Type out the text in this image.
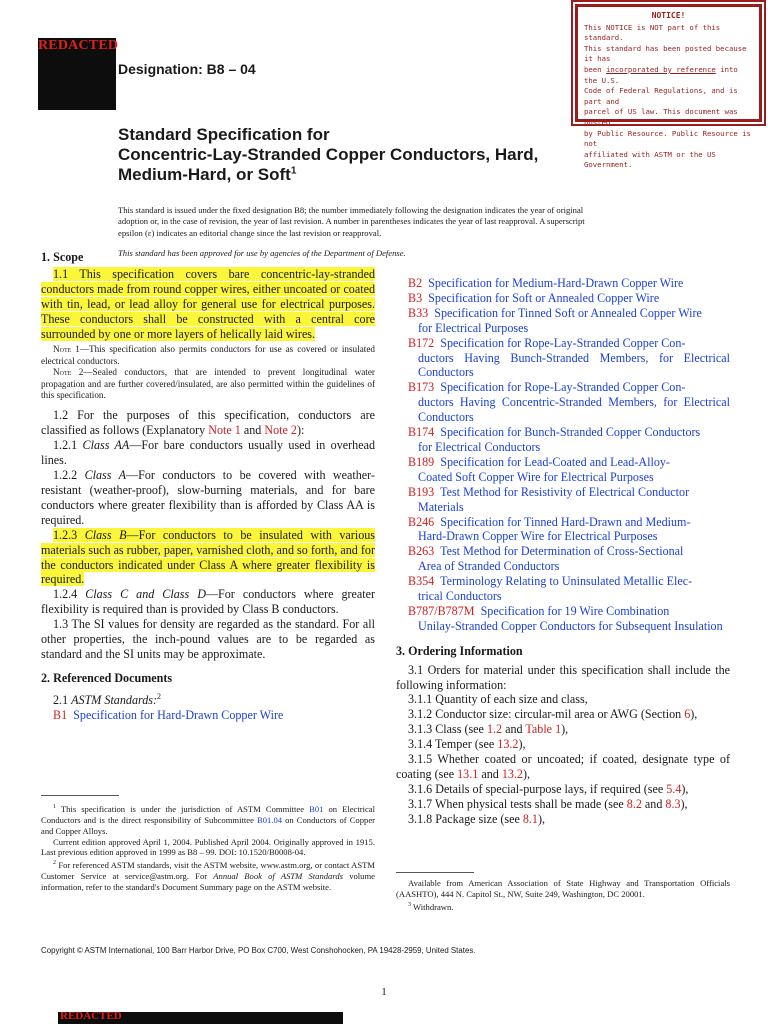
REDACTED
Designation: B8 – 04
NOTICE!
This NOTICE is NOT part of this standard.
This standard has been posted because it has
been incorporated by reference into the U.S.
Code of Federal Regulations, and is part and
parcel of US law. This document was posted
by Public Resource. Public Resource is not
affiliated with ASTM or the US Government.
Standard Specification for
Concentric-Lay-Stranded Copper Conductors, Hard,
Medium-Hard, or Soft$^1$
This standard is issued under the fixed designation B8; the number immediately following the designation indicates the year of original
adoption or, in the case of revision, the year of last revision. A number in parentheses indicates the year of last reapproval. A superscript
epsilon (ε) indicates an editorial change since the last revision or reapproval.
This standard has been approved for use by agencies of the Department of Defense.

1. Scope

1.1 This specification covers bare concentric-lay-stranded conductors made from round copper wires, either uncoated or coated with tin, lead, or lead alloy for general use for electrical purposes. These conductors shall be constructed with a central core surrounded by one or more layers of helically laid wires.

Note 1—This specification also permits conductors for use as covered or insulated electrical conductors.

Note 2—Sealed conductors, that are intended to prevent longitudinal water propagation and are further covered/insulated, are also permitted within the guidelines of this specification.

1.2 For the purposes of this specification, conductors are classified as follows (Explanatory Note 1 and Note 2):

1.2.1 Class AA—For bare conductors usually used in overhead lines.

1.2.2 Class A—For conductors to be covered with weather-resistant (weather-proof), slow-burning materials, and for bare conductors where greater flexibility than is afforded by Class AA is required.

1.2.3 Class B—For conductors to be insulated with various materials such as rubber, paper, varnished cloth, and so forth, and for the conductors indicated under Class A where greater flexibility is required.

1.2.4 Class C and Class D—For conductors where greater flexibility is required than is provided by Class B conductors.

1.3 The SI values for density are regarded as the standard. For all other properties, the inch-pound values are to be regarded as standard and the SI units may be approximate.

2. Referenced Documents

2.1 ASTM Standards:$^2$

B1 Specification for Hard-Drawn Copper Wire

$^1$ This specification is under the jurisdiction of ASTM Committee B01 on Electrical Conductors and is the direct responsibility of Subcommittee B01.04 on Conductors of Copper and Copper Alloys.
Current edition approved April 1, 2004. Published April 2004. Originally approved in 1915. Last previous edition approved in 1999 as B8 – 99. DOI: 10.1520/B0008-04.
$^2$ For referenced ASTM standards, visit the ASTM website, www.astm.org, or contact ASTM Customer Service at service@astm.org. For Annual Book of ASTM Standards volume information, refer to the standard's Document Summary page on the ASTM website.

B2 Specification for Medium-Hard-Drawn Copper Wire

B3 Specification for Soft or Annealed Copper Wire

B33 Specification for Tinned Soft or Annealed Copper Wire
for Electrical Purposes

B172 Specification for Rope-Lay-Stranded Copper Con-
ductors Having Bunch-Stranded Members, for Electrical Conductors

B173 Specification for Rope-Lay-Stranded Copper Con-
ductors Having Concentric-Stranded Members, for Electrical Conductors

B174 Specification for Bunch-Stranded Copper Conductors
for Electrical Conductors

B189 Specification for Lead-Coated and Lead-Alloy-
Coated Soft Copper Wire for Electrical Purposes

B193 Test Method for Resistivity of Electrical Conductor
Materials

B246 Specification for Tinned Hard-Drawn and Medium-
Hard-Drawn Copper Wire for Electrical Purposes

B263 Test Method for Determination of Cross-Sectional
Area of Stranded Conductors

B354 Terminology Relating to Uninsulated Metallic Elec-
trical Conductors

B787/B787M Specification for 19 Wire Combination
Unilay-Stranded Copper Conductors for Subsequent Insulation

3. Ordering Information

3.1 Orders for material under this specification shall include the following information:

3.1.1 Quantity of each size and class,

3.1.2 Conductor size: circular-mil area or AWG (Section 6),

3.1.3 Class (see 1.2 and Table 1),

3.1.4 Temper (see 13.2),

3.1.5 Whether coated or uncoated; if coated, designate type of coating (see 13.1 and 13.2),

3.1.6 Details of special-purpose lays, if required (see 5.4),

3.1.7 When physical tests shall be made (see 8.2 and 8.3),

3.1.8 Package size (see 8.1),

Available from American Association of State Highway and Transportation Officials (AASHTO), 444 N. Capitol St., NW, Suite 249, Washington, DC 20001.
$^3$ Withdrawn.
Copyright © ASTM International, 100 Barr Harbor Drive, PO Box C700, West Conshohocken, PA 19428-2959, United States.
1
REDACTED
